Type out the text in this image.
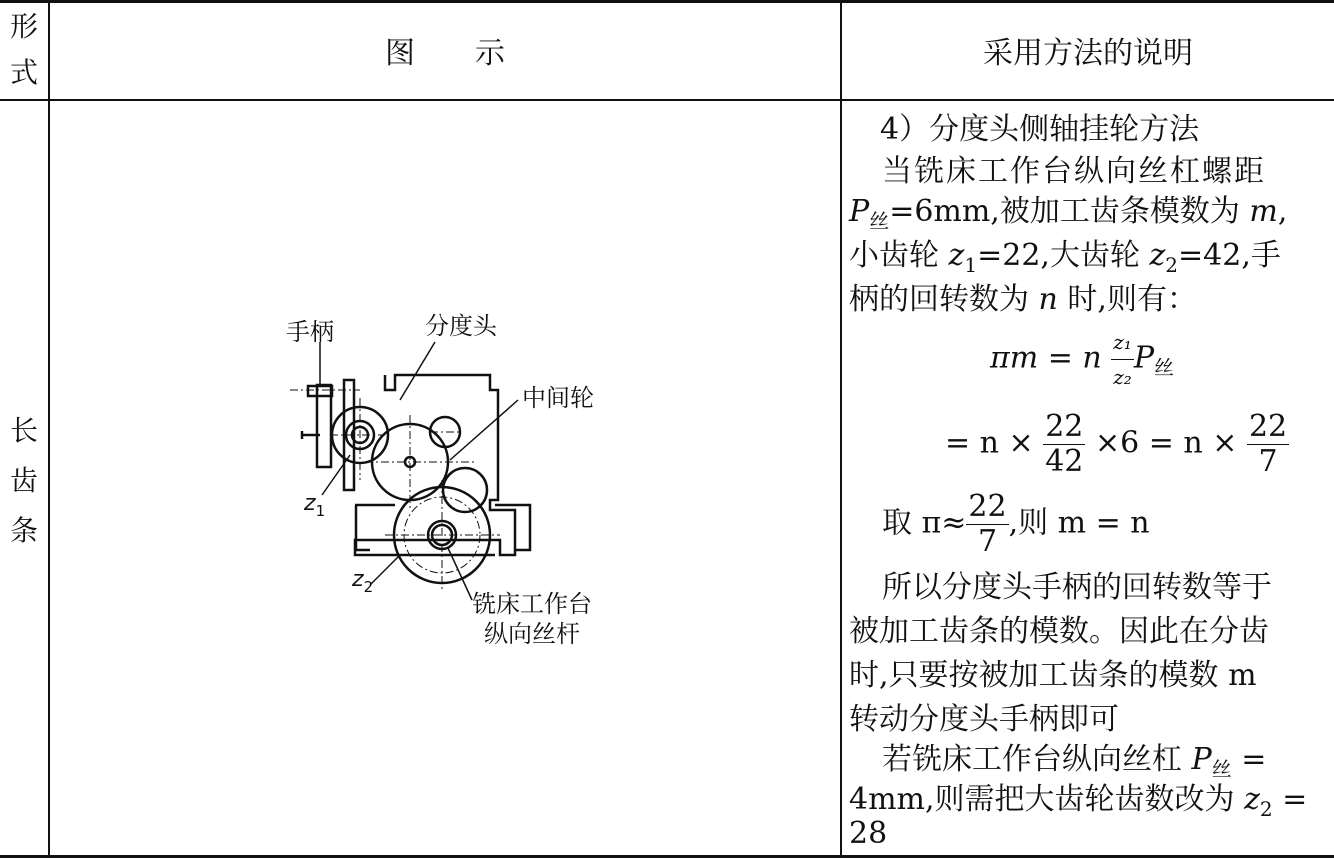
形
式
图　　示	采用方法的说明
长
齿
条
手柄	分度头
中间轮
$z_1$
$z_2$
铣床工作台
纵向丝杆
4）分度头侧轴挂轮方法
当铣床工作台纵向丝杠螺距
$P_丝=6mm$,被加工齿条模数为 m,
小齿轮 $z_1=22$,大齿轮 $z_2=42$,手
柄的回转数为 n 时,则有：
πm = n $\frac{\text{z₁}}{\text{z₂}} P_丝$
= $n \times \frac{22}{42} \times 6 = n \times \frac{22}{7}$
取 $\pi\approx \frac{22}{7}$ ,则 m = n
所以分度头手柄的回转数等于
被加工齿条的模数。因此在分齿
时,只要按被加工齿条的模数 m
转动分度头手柄即可
若铣床工作台纵向丝杠 $P_丝$ =
4mm,则需把大齿轮齿数改为 $z_2$ =
28
